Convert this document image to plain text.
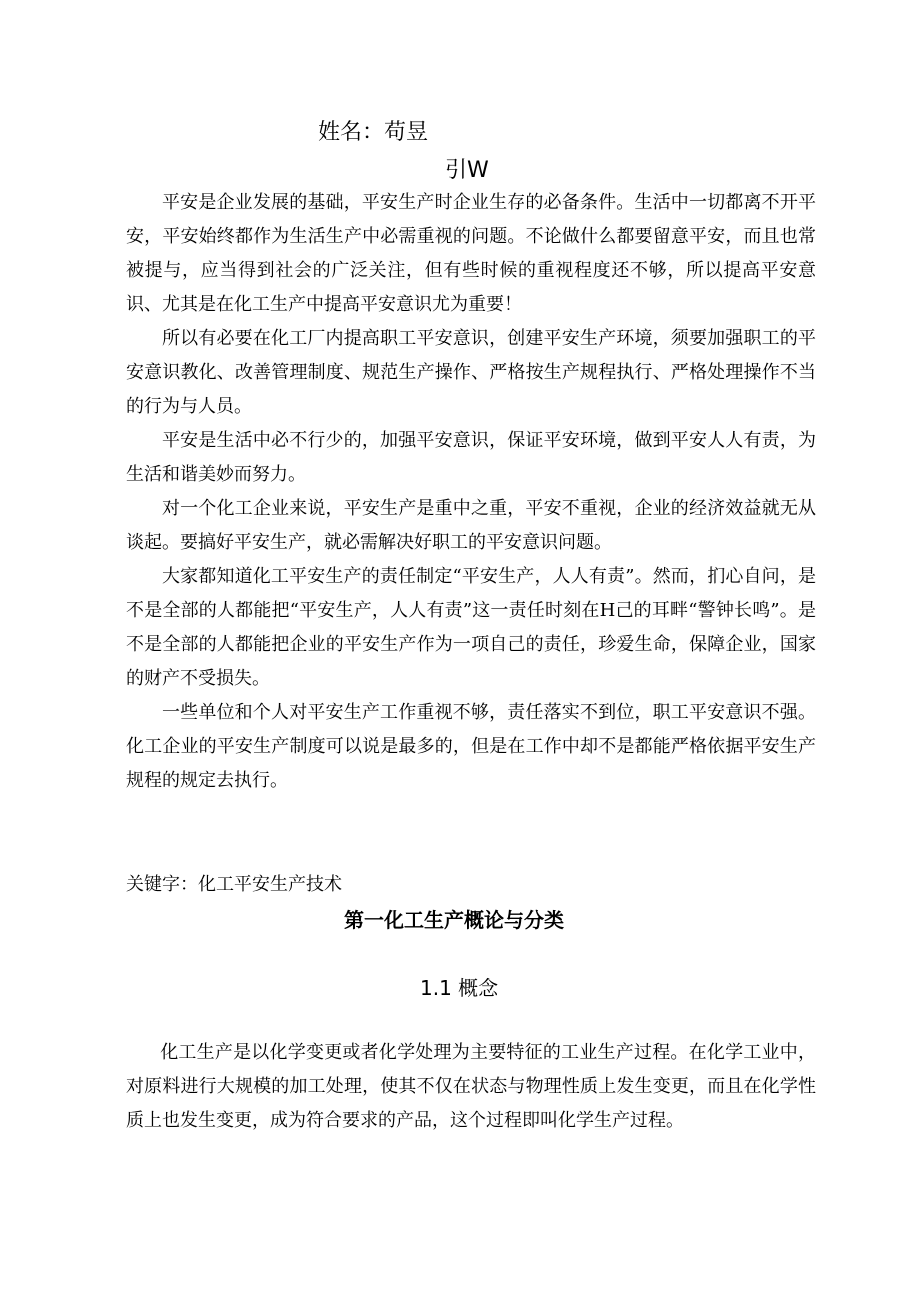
姓名：苟昱
引W

平安是企业发展的基础，平安生产时企业生存的必备条件。生活中一切都离不开平安，平安始终都作为生活生产中必需重视的问题。不论做什么都要留意平安，而且也常被提与，应当得到社会的广泛关注，但有些时候的重视程度还不够，所以提高平安意识、尤其是在化工生产中提高平安意识尤为重要！

所以有必要在化工厂内提高职工平安意识，创建平安生产环境，须要加强职工的平安意识教化、改善管理制度、规范生产操作、严格按生产规程执行、严格处理操作不当的行为与人员。

平安是生活中必不行少的，加强平安意识，保证平安环境，做到平安人人有责，为生活和谐美妙而努力。

对一个化工企业来说，平安生产是重中之重，平安不重视，企业的经济效益就无从谈起。要搞好平安生产，就必需解决好职工的平安意识问题。

大家都知道化工平安生产的责任制定“平安生产，人人有责”。然而，扪心自问，是不是全部的人都能把“平安生产，人人有责”这一责任时刻在H己的耳畔“警钟长鸣”。是不是全部的人都能把企业的平安生产作为一项自己的责任，珍爱生命，保障企业，国家的财产不受损失。

一些单位和个人对平安生产工作重视不够，责任落实不到位，职工平安意识不强。化工企业的平安生产制度可以说是最多的，但是在工作中却不是都能严格依据平安生产规程的规定去执行。

关键字：化工平安生产技术
第一化工生产概论与分类
1.1 概念

化工生产是以化学变更或者化学处理为主要特征的工业生产过程。在化学工业中，对原料进行大规模的加工处理，使其不仅在状态与物理性质上发生变更，而且在化学性质上也发生变更，成为符合要求的产品，这个过程即叫化学生产过程。
